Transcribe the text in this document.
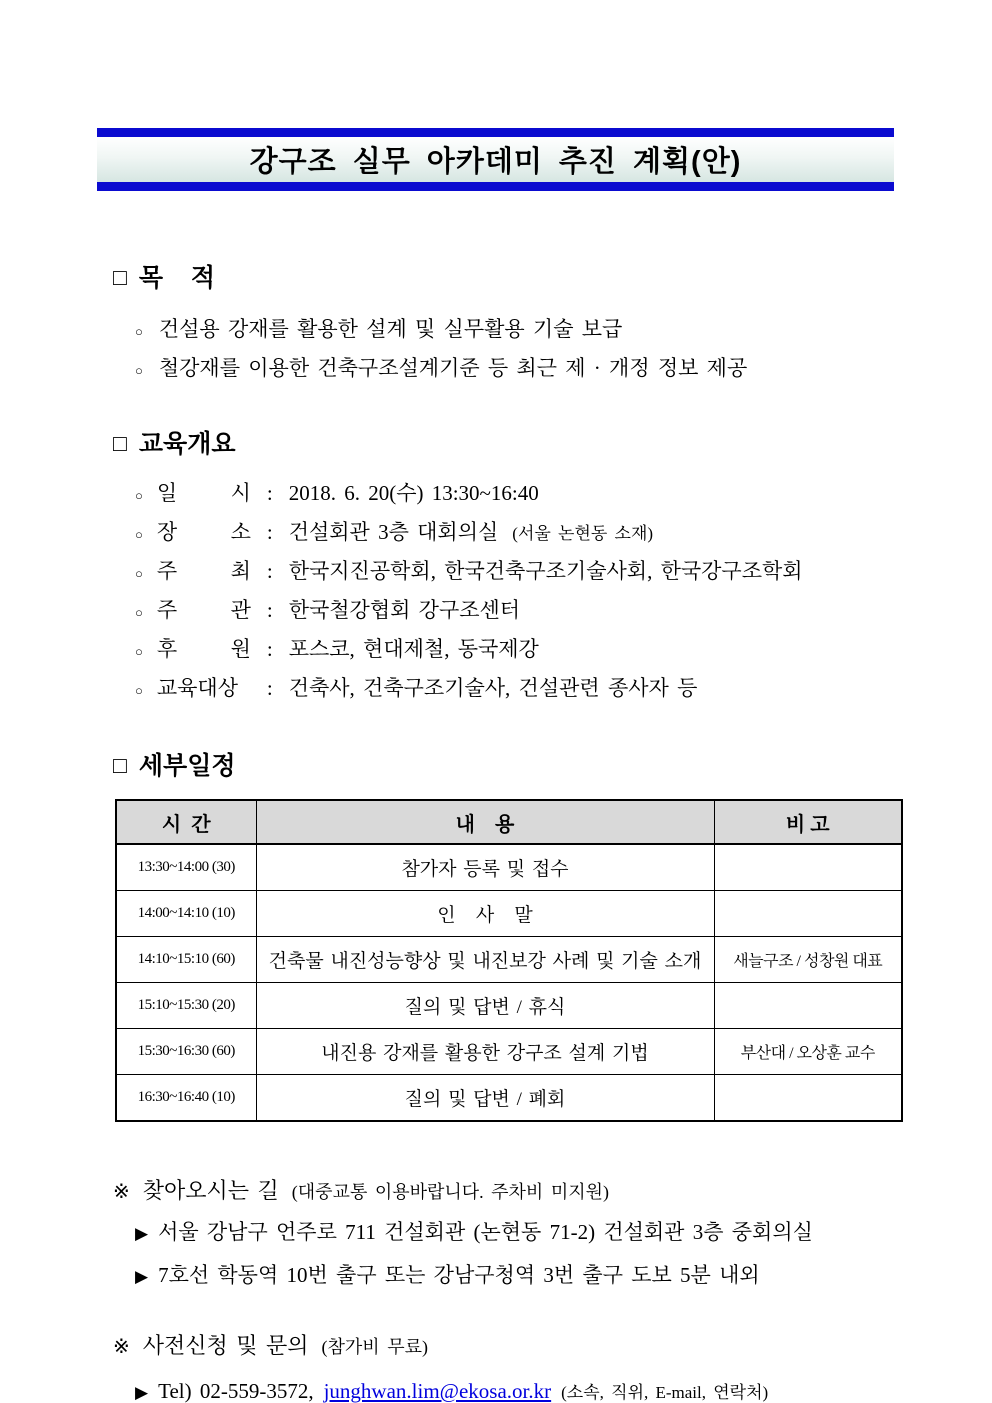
강구조 실무 아카데미 추진 계획(안)
□ 목    적
○ 건설용 강재를 활용한 설계 및 실무활용 기술 보급
○ 철강재를 이용한 건축구조설계기준 등 최근 제 · 개정 정보 제공
□ 교육개요
○ 일 시 : 2018. 6. 20(수) 13:30~16:40
○ 장 소 : 건설회관 3층 대회의실 (서울 논현동 소재)
○ 주 최 : 한국지진공학회, 한국건축구조기술사회, 한국강구조학회
○ 주 관 : 한국철강협회 강구조센터
○ 후 원 : 포스코, 현대제철, 동국제강
○ 교육대상	: 건축사, 건축구조기술사, 건설관련 종사자 등
□ 세부일정
시  간	내    용	비 고
13:30~14:00 (30)	참가자 등록 및 접수	
14:00~14:10 (10)	인   사   말	
14:10~15:10 (60)	건축물 내진성능향상 및 내진보강 사례 및 기술 소개	새늘구조 / 성창원 대표
15:10~15:30 (20)	질의 및 답변 / 휴식	
15:30~16:30 (60)	내진용 강재를 활용한 강구조 설계 기법	부산대 / 오상훈 교수
16:30~16:40 (10)	질의 및 답변 / 폐회	
※ 찾아오시는 길 (대중교통 이용바랍니다. 주차비 미지원)
▶ 서울 강남구 언주로 711 건설회관 (논현동 71-2) 건설회관 3층 중회의실
▶ 7호선 학동역 10번 출구 또는 강남구청역 3번 출구 도보 5분 내외
※ 사전신청 및 문의 (참가비 무료)
▶ Tel) 02-559-3572, junghwan.lim@ekosa.or.kr (소속, 직위, E-mail, 연락처)
